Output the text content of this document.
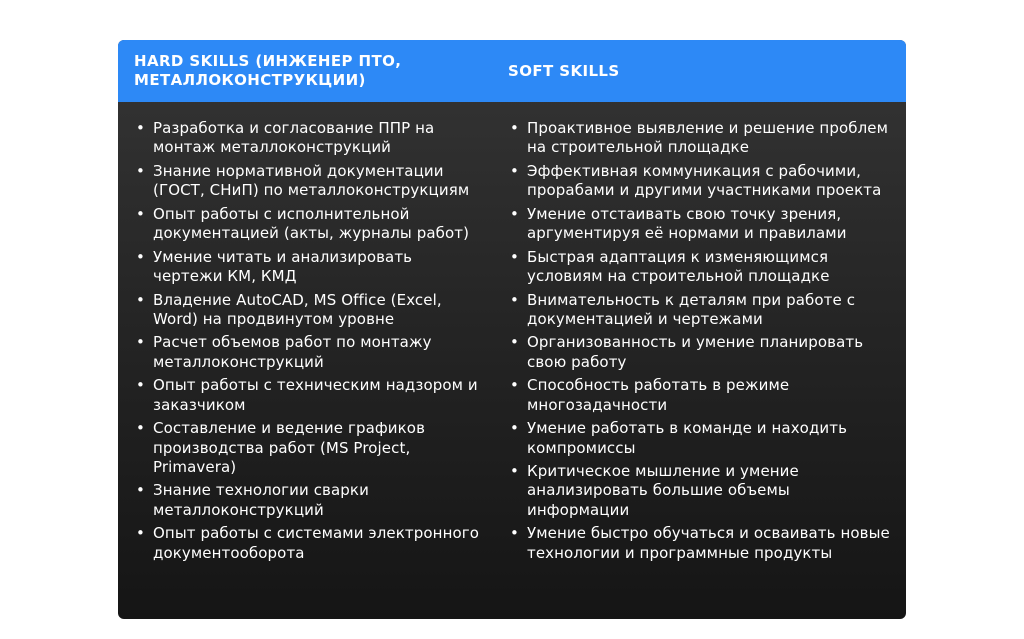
HARD SKILLS (ИНЖЕНЕР ПТО, МЕТАЛЛОКОНСТРУКЦИИ)
SOFT SKILLS
• Разработка и согласование ППР на монтаж металлоконструкций
• Знание нормативной документации (ГОСТ, СНиП) по металлоконструкциям
• Опыт работы с исполнительной документацией (акты, журналы работ)
• Умение читать и анализировать чертежи КМ, КМД
• Владение AutoCAD, MS Office (Excel, Word) на продвинутом уровне
• Расчет объемов работ по монтажу металлоконструкций
• Опыт работы с техническим надзором и заказчиком
• Составление и ведение графиков производства работ (MS Project, Primavera)
• Знание технологии сварки металлоконструкций
• Опыт работы с системами электронного документооборота
• Проактивное выявление и решение проблем на строительной площадке
• Эффективная коммуникация с рабочими, прорабами и другими участниками проекта
• Умение отстаивать свою точку зрения, аргументируя её нормами и правилами
• Быстрая адаптация к изменяющимся условиям на строительной площадке
• Внимательность к деталям при работе с документацией и чертежами
• Организованность и умение планировать свою работу
• Способность работать в режиме многозадачности
• Умение работать в команде и находить компромиссы
• Критическое мышление и умение анализировать большие объемы информации
• Умение быстро обучаться и осваивать новые технологии и программные продукты
